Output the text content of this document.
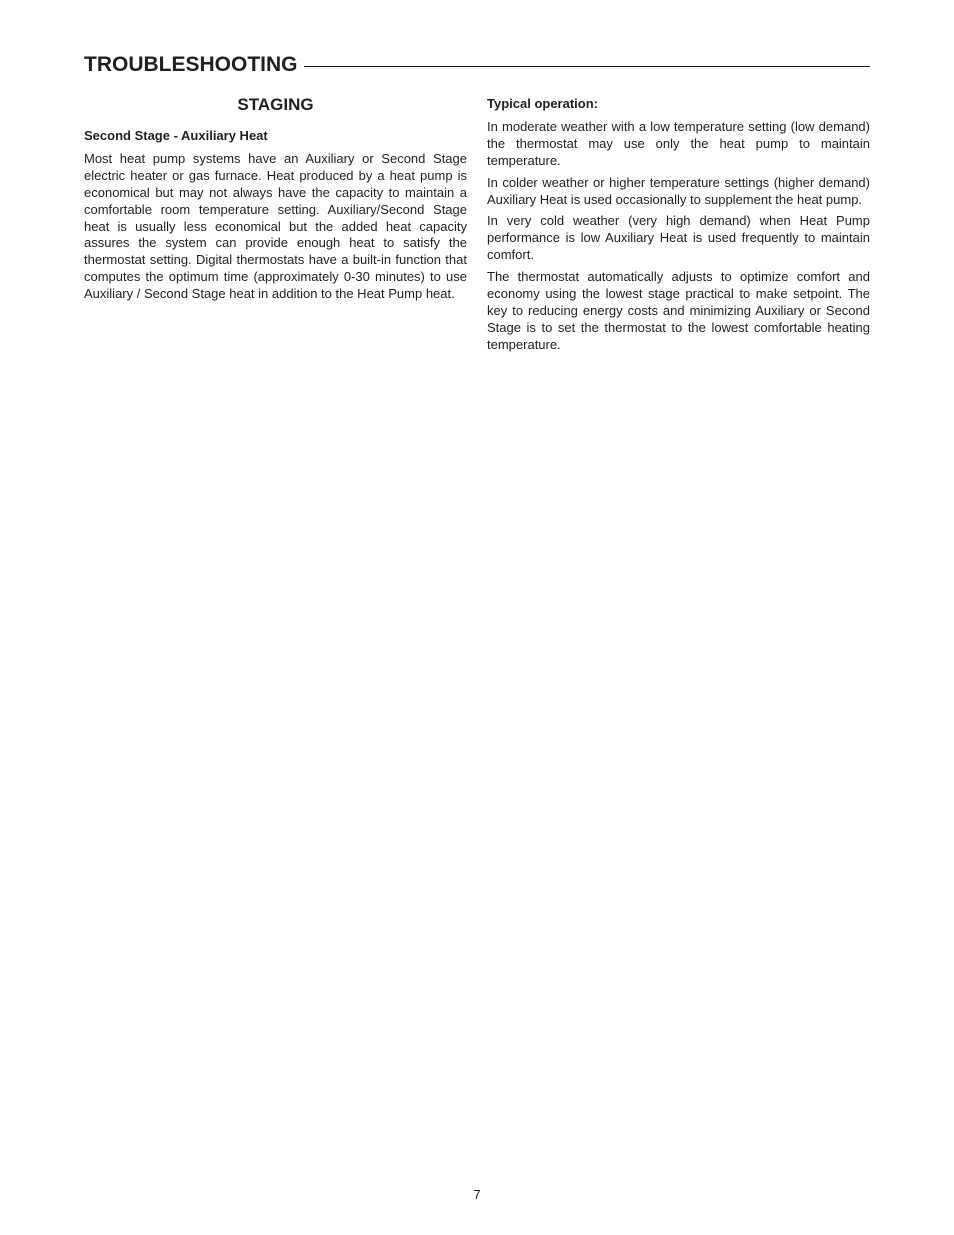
TROUBLESHOOTING
STAGING
Second Stage - Auxiliary Heat

Most heat pump systems have an Auxiliary or Second Stage electric heater or gas furnace. Heat produced by a heat pump is economical but may not always have the capacity to maintain a comfortable room temperature setting. Auxiliary/Second Stage heat is usually less economical but the added heat capacity assures the system can provide enough heat to satisfy the thermostat setting. Digital thermostats have a built-in function that computes the optimum time (approximately 0-30 minutes) to use Auxiliary / Second Stage heat in addition to the Heat Pump heat.

Typical operation:

In moderate weather with a low temperature setting (low demand) the thermostat may use only the heat pump to maintain temperature.

In colder weather or higher temperature settings (higher demand) Auxiliary Heat is used occasionally to supplement the heat pump.

In very cold weather (very high demand) when Heat Pump performance is low Auxiliary Heat is used frequently to maintain comfort.

The thermostat automatically adjusts to optimize comfort and economy using the lowest stage practical to make setpoint. The key to reducing energy costs and minimizing Auxiliary or Second Stage is to set the thermostat to the lowest comfortable heating temperature.

7
